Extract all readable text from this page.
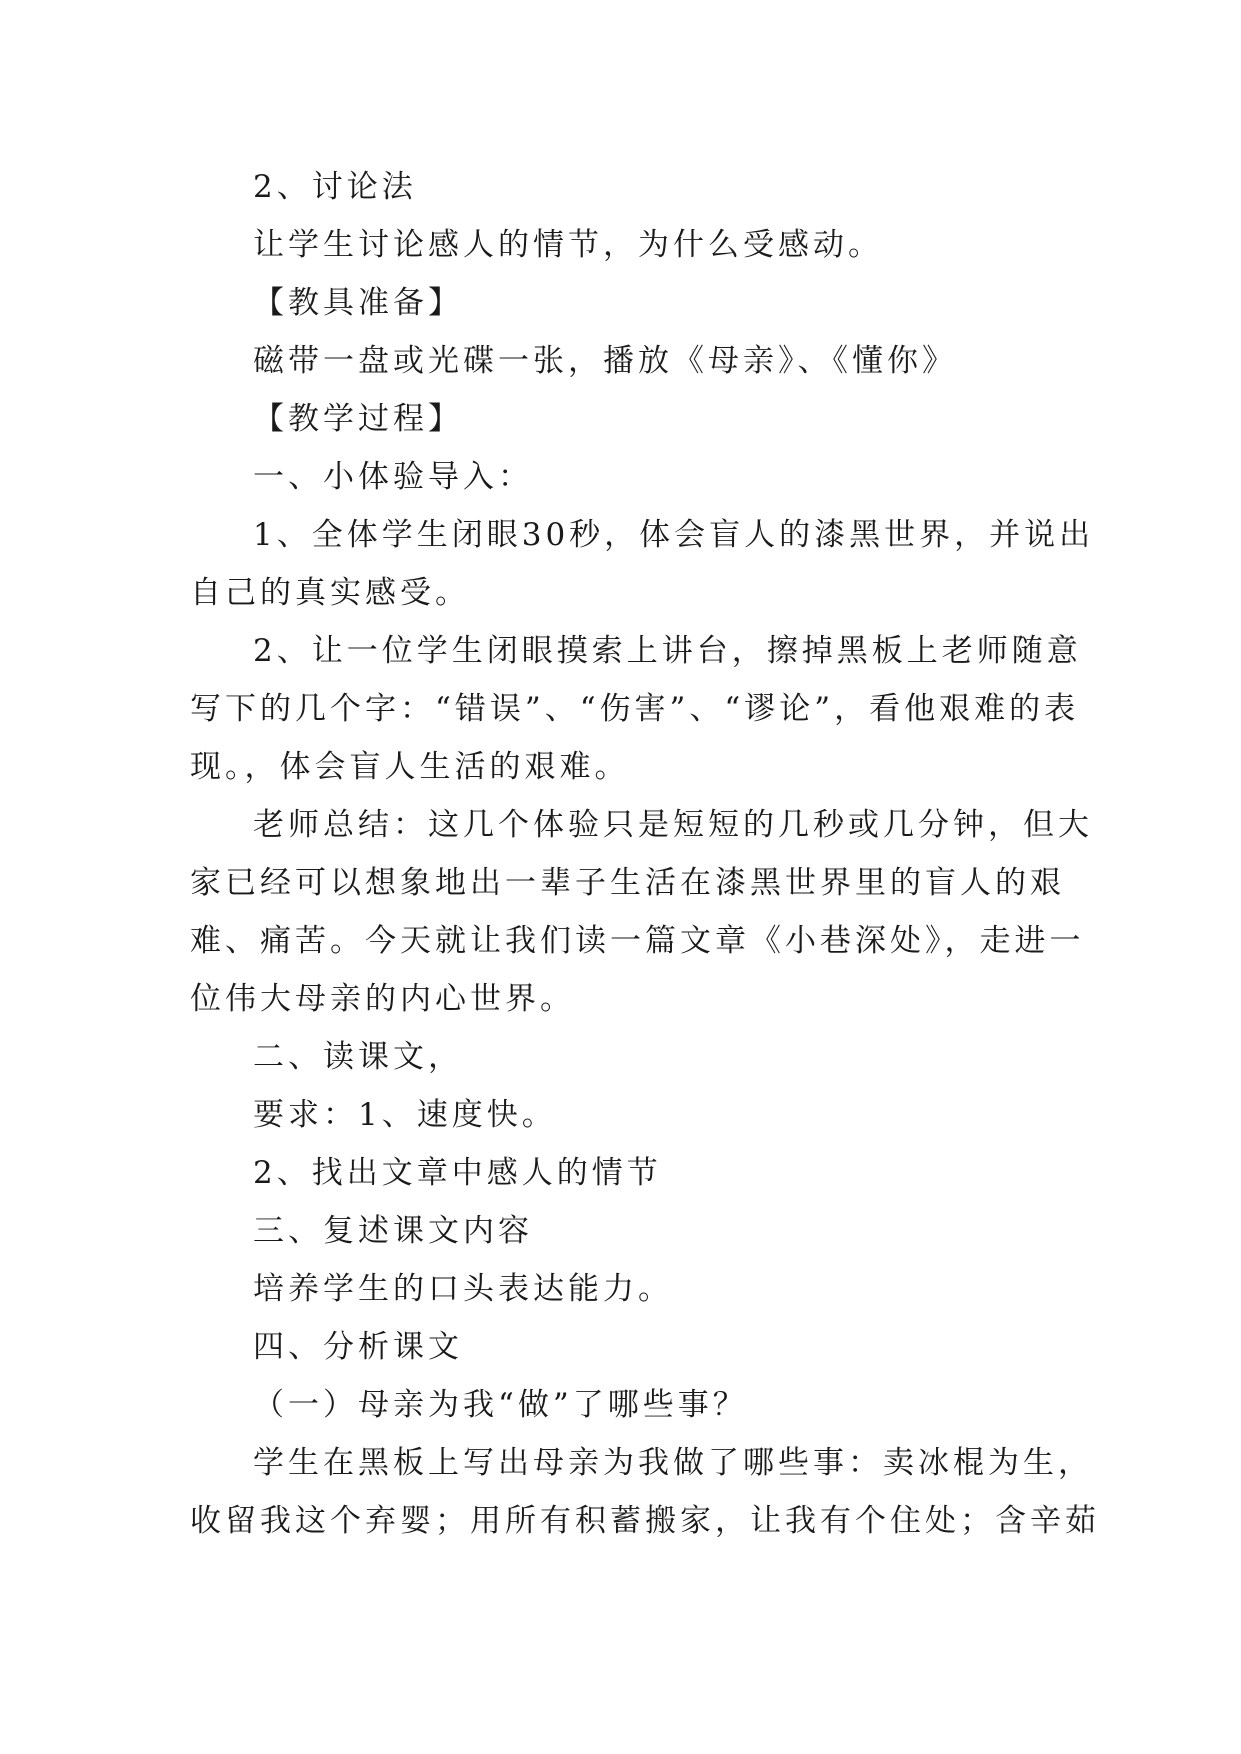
2、讨论法

让学生讨论感人的情节，为什么受感动。

【教具准备】

磁带一盘或光碟一张，播放《母亲》、《懂你》

【教学过程】

一、小体验导入：

1、全体学生闭眼30秒，体会盲人的漆黑世界，并说出

自己的真实感受。

2、让一位学生闭眼摸索上讲台，擦掉黑板上老师随意

写下的几个字：“错误”、“伤害”、“谬论”，看他艰难的表

现。，体会盲人生活的艰难。

老师总结：这几个体验只是短短的几秒或几分钟，但大

家已经可以想象地出一辈子生活在漆黑世界里的盲人的艰

难、痛苦。今天就让我们读一篇文章《小巷深处》，走进一

位伟大母亲的内心世界。

二、读课文，

要求：1、速度快。

2、找出文章中感人的情节

三、复述课文内容

培养学生的口头表达能力。

四、分析课文

（一）母亲为我“做”了哪些事？

学生在黑板上写出母亲为我做了哪些事：卖冰棍为生，

收留我这个弃婴；用所有积蓄搬家，让我有个住处；含辛茹
